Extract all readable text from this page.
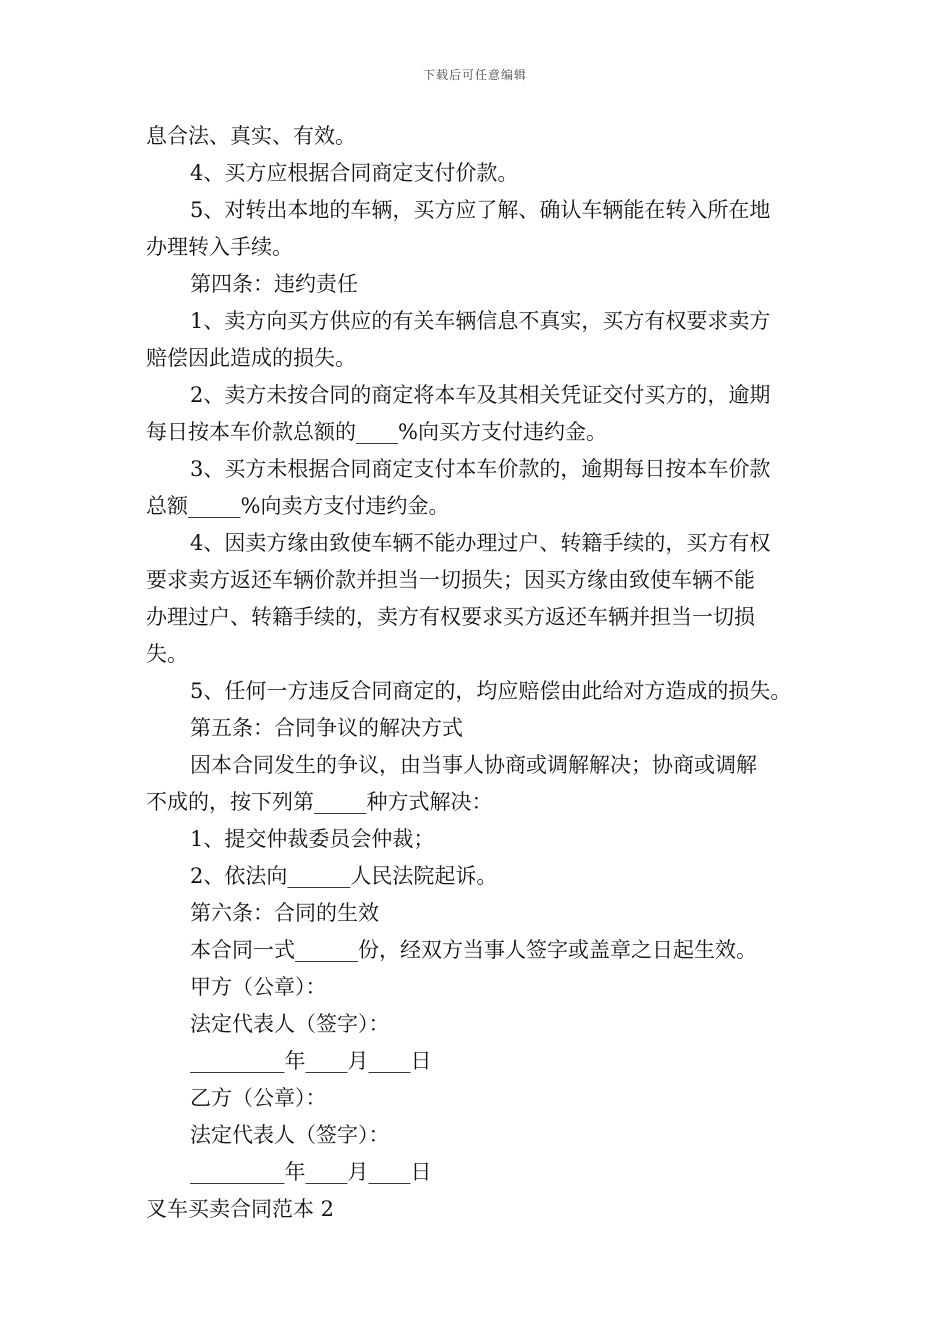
下载后可任意编辑
息合法、真实、有效。
4、买方应根据合同商定支付价款。
5、对转出本地的车辆，买方应了解、确认车辆能在转入所在地
办理转入手续。
第四条：违约责任
1、卖方向买方供应的有关车辆信息不真实，买方有权要求卖方
赔偿因此造成的损失。
2、卖方未按合同的商定将本车及其相关凭证交付买方的，逾期
每日按本车价款总额的____%向买方支付违约金。
3、买方未根据合同商定支付本车价款的，逾期每日按本车价款
总额_____%向卖方支付违约金。
4、因卖方缘由致使车辆不能办理过户、转籍手续的，买方有权
要求卖方返还车辆价款并担当一切损失；因买方缘由致使车辆不能
办理过户、转籍手续的，卖方有权要求买方返还车辆并担当一切损
失。
5、任何一方违反合同商定的，均应赔偿由此给对方造成的损失。
第五条：合同争议的解决方式
因本合同发生的争议，由当事人协商或调解解决；协商或调解
不成的，按下列第_____种方式解决：
1、提交仲裁委员会仲裁；
2、依法向______人民法院起诉。
第六条：合同的生效
本合同一式______份，经双方当事人签字或盖章之日起生效。
甲方（公章）：
法定代表人（签字）：
_________年____月____日
乙方（公章）：
法定代表人（签字）：
_________年____月____日
叉车买卖合同范本 2
